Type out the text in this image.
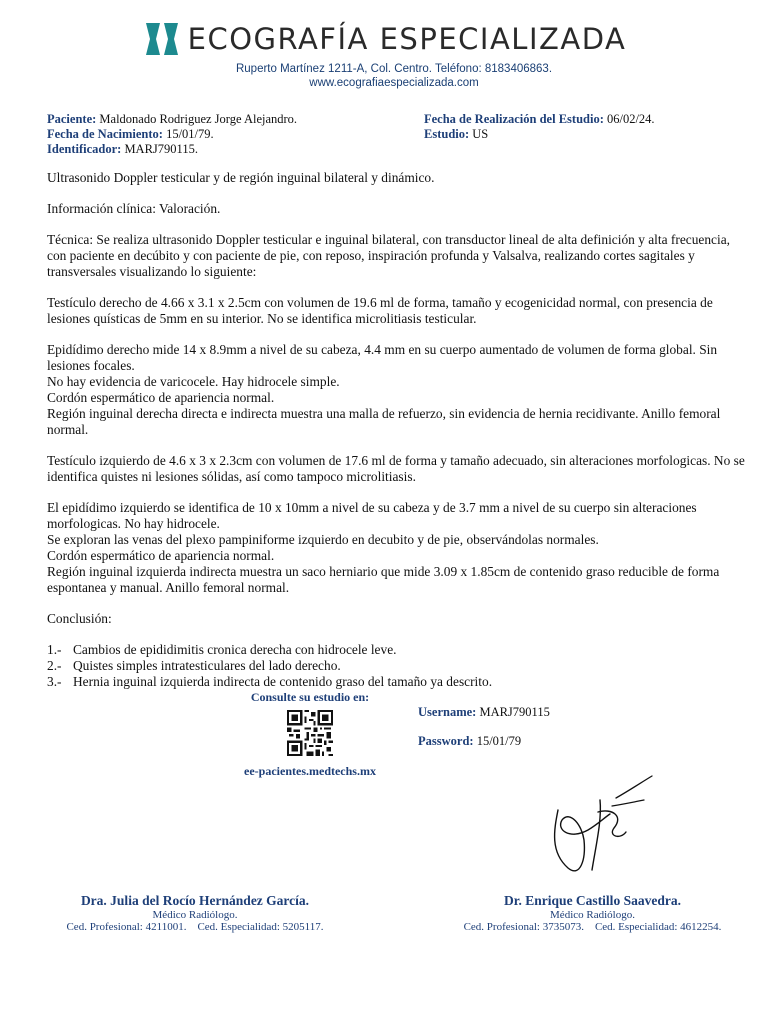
ECOGRAFÍA ESPECIALIZADA
Ruperto Martínez 1211-A, Col. Centro. Teléfono: 8183406863.
www.ecografiaespecializada.com
Paciente: Maldonado Rodriguez Jorge Alejandro.
Fecha de Nacimiento: 15/01/79.
Identificador: MARJ790115.
Fecha de Realización del Estudio: 06/02/24.
Estudio: US

Ultrasonido Doppler testicular y de región inguinal bilateral y dinámico.

Información clínica: Valoración.

Técnica: Se realiza ultrasonido Doppler testicular e inguinal bilateral, con transductor lineal de alta definición y alta frecuencia, con paciente en decúbito y con paciente de pie, con reposo, inspiración profunda y Valsalva, realizando cortes sagitales y transversales visualizando lo siguiente:

Testículo derecho de 4.66 x 3.1 x 2.5cm con volumen de 19.6 ml de forma, tamaño y ecogenicidad normal, con presencia de lesiones quísticas de 5mm en su interior. No se identifica microlitiasis testicular.

Epidídimo derecho mide 14 x 8.9mm a nivel de su cabeza, 4.4 mm en su cuerpo aumentado de volumen de forma global. Sin lesiones focales.

No hay evidencia de varicocele. Hay hidrocele simple.

Cordón espermático de apariencia normal.

Región inguinal derecha directa e indirecta muestra una malla de refuerzo, sin evidencia de hernia recidivante. Anillo femoral normal.

Testículo izquierdo de 4.6 x 3 x 2.3cm con volumen de 17.6 ml de forma y tamaño adecuado, sin alteraciones morfologicas. No se identifica quistes ni lesiones sólidas, así como tampoco microlitiasis.

El epidídimo izquierdo se identifica de 10 x 10mm a nivel de su cabeza y de 3.7 mm a nivel de su cuerpo sin alteraciones morfologicas. No hay hidrocele.

Se exploran las venas del plexo pampiniforme izquierdo en decubito y de pie, observándolas normales.

Cordón espermático de apariencia normal.

Región inguinal izquierda indirecta muestra un saco herniario que mide 3.09 x 1.85cm de contenido graso reducible de forma espontanea y manual. Anillo femoral normal.

Conclusión:

1.- Cambios de epididimitis cronica derecha con hidrocele leve.
2.- Quistes simples intratesticulares del lado derecho.
3.- Hernia inguinal izquierda indirecta de contenido graso del tamaño ya descrito.
Consulte su estudio en:
ee-pacientes.medtechs.mx
Username: MARJ790115
Password: 15/01/79
Dra. Julia del Rocío Hernández García.
Médico Radiólogo.
Ced. Profesional: 4211001.    Ced. Especialidad: 5205117.
Dr. Enrique Castillo Saavedra.
Médico Radiólogo.
Ced. Profesional: 3735073.    Ced. Especialidad: 4612254.
